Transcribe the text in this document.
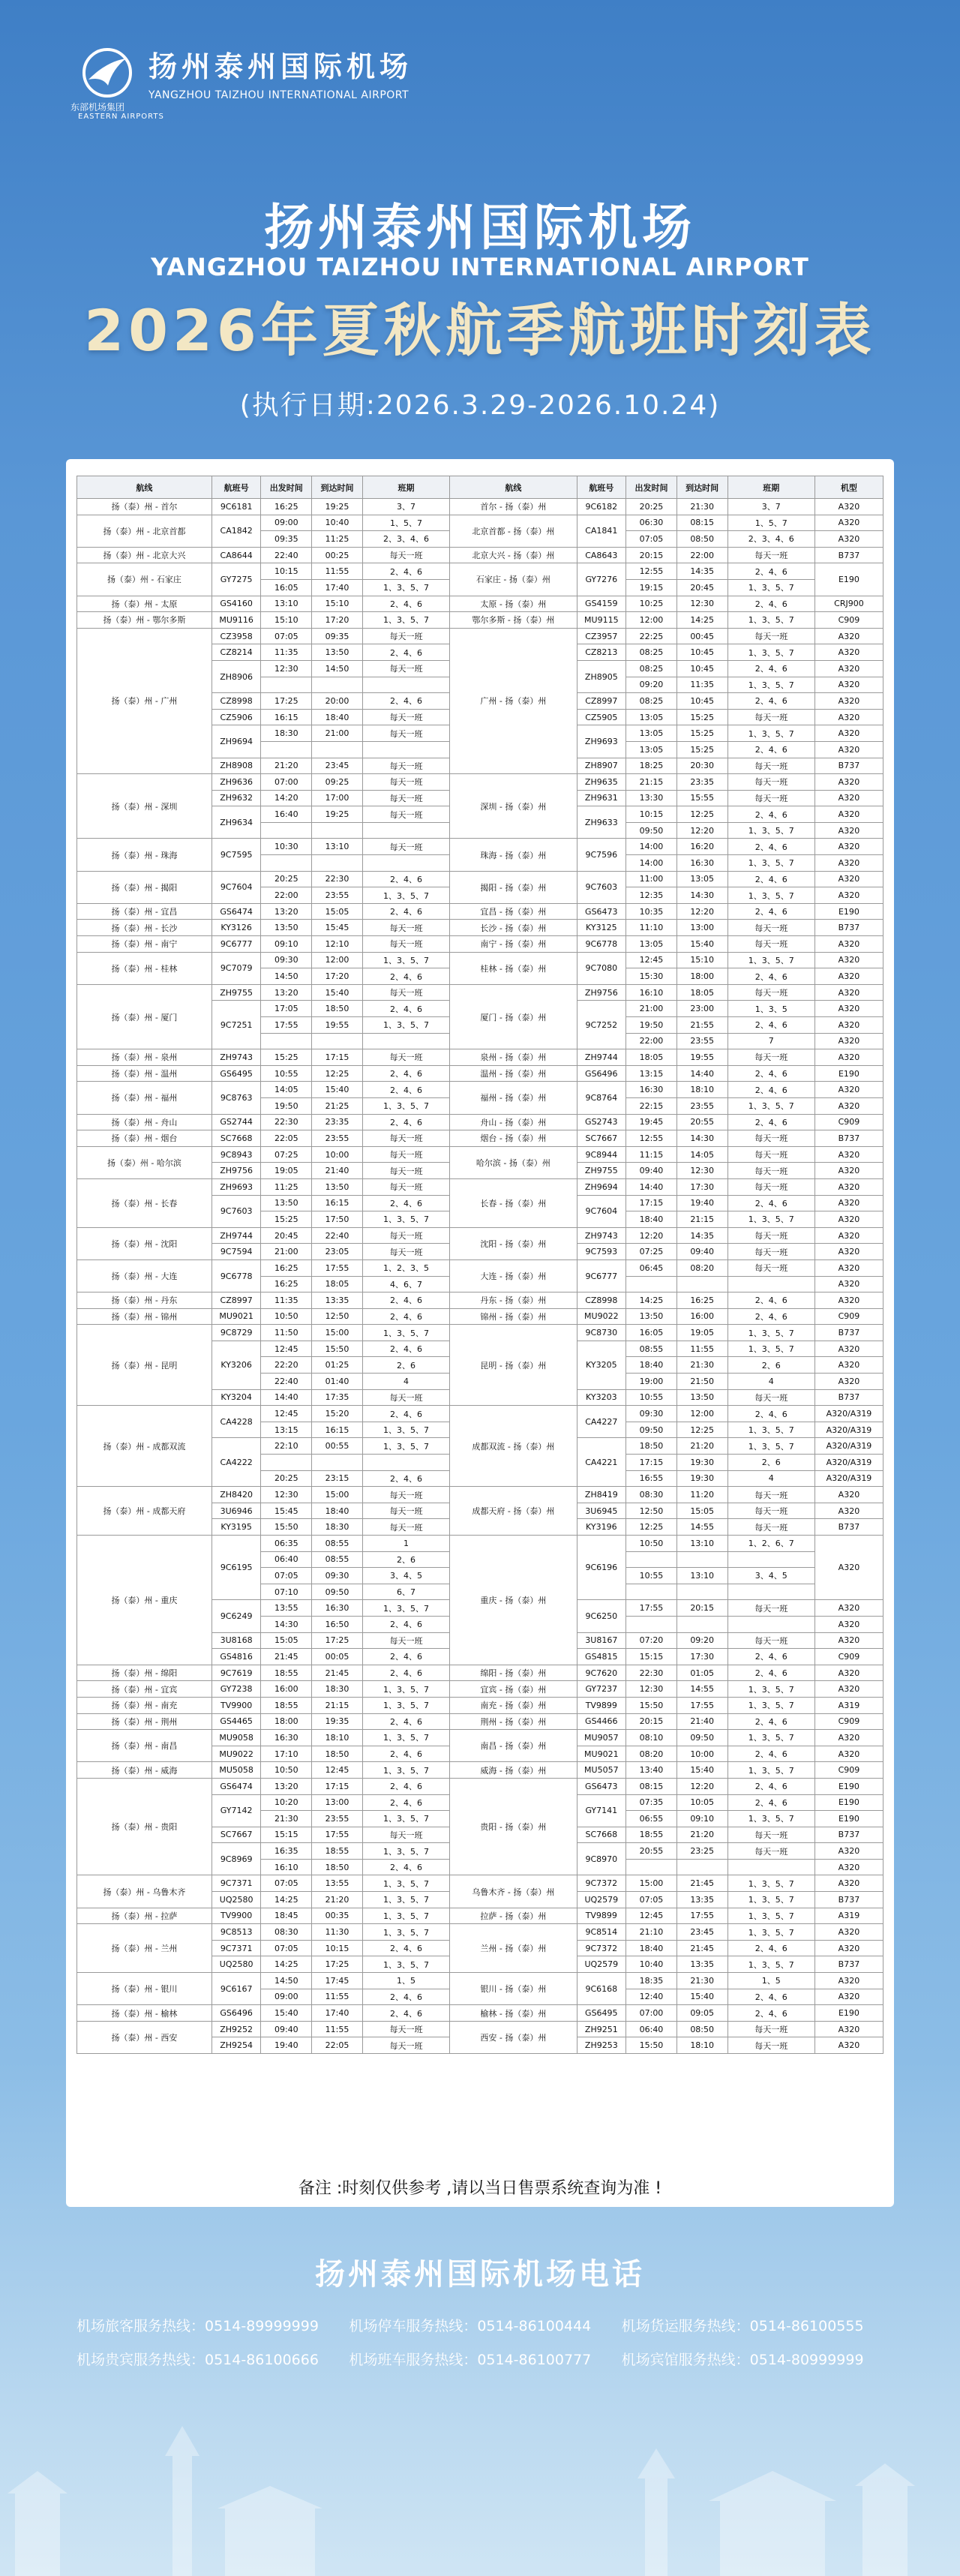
东部机场集团
EASTERN AIRPORTS
扬州泰州国际机场
YANGZHOU TAIZHOU INTERNATIONAL AIRPORT
扬州泰州国际机场
YANGZHOU TAIZHOU INTERNATIONAL AIRPORT
2026年夏秋航季航班时刻表
(执行日期:2026.3.29-2026.10.24)
航线	航班号	出发时间	到达时间	班期	航线	航班号	出发时间	到达时间	班期	机型
扬（泰）州 - 首尔	9C6181	16:25	19:25	3、7	首尔 - 扬（泰）州	9C6182	20:25	21:30	3、7	A320
扬（泰）州 - 北京首都	CA1842	09:00	10:40	1、5、7	北京首都 - 扬（泰）州	CA1841	06:30	08:15	1、5、7	A320
		09:35	11:25	2、3、4、6			07:05	08:50	2、3、4、6	A320
扬（泰）州 - 北京大兴	CA8644	22:40	00:25	每天一班	北京大兴 - 扬（泰）州	CA8643	20:15	22:00	每天一班	B737
扬（泰）州 - 石家庄	GY7275	10:15	11:55	2、4、6	石家庄 - 扬（泰）州	GY7276	12:55	14:35	2、4、6	E190
		16:05	17:40	1、3、5、7			19:15	20:45	1、3、5、7	
扬（泰）州 - 太原	GS4160	13:10	15:10	2、4、6	太原 - 扬（泰）州	GS4159	10:25	12:30	2、4、6	CRJ900
扬（泰）州 - 鄂尔多斯	MU9116	15:10	17:20	1、3、5、7	鄂尔多斯 - 扬（泰）州	MU9115	12:00	14:25	1、3、5、7	C909
扬（泰）州 - 广州	CZ3958	07:05	09:35	每天一班	广州 - 扬（泰）州	CZ3957	22:25	00:45	每天一班	A320
	CZ8214	11:35	13:50	2、4、6		CZ8213	08:25	10:45	1、3、5、7	A320
	ZH8906	12:30	14:50	每天一班		ZH8905	08:25	10:45	2、4、6	A320
							09:20	11:35	1、3、5、7	A320
	CZ8998	17:25	20:00	2、4、6		CZ8997	08:25	10:45	2、4、6	A320
	CZ5906	16:15	18:40	每天一班		CZ5905	13:05	15:25	每天一班	A320
	ZH9694	18:30	21:00	每天一班		ZH9693	13:05	15:25	1、3、5、7	A320
							13:05	15:25	2、4、6	A320
	ZH8908	21:20	23:45	每天一班		ZH8907	18:25	20:30	每天一班	B737
扬（泰）州 - 深圳	ZH9636	07:00	09:25	每天一班	深圳 - 扬（泰）州	ZH9635	21:15	23:35	每天一班	A320
	ZH9632	14:20	17:00	每天一班		ZH9631	13:30	15:55	每天一班	A320
	ZH9634	16:40	19:25	每天一班		ZH9633	10:15	12:25	2、4、6	A320
							09:50	12:20	1、3、5、7	A320
扬（泰）州 - 珠海	9C7595	10:30	13:10	每天一班	珠海 - 扬（泰）州	9C7596	14:00	16:20	2、4、6	A320
							14:00	16:30	1、3、5、7	A320
扬（泰）州 - 揭阳	9C7604	20:25	22:30	2、4、6	揭阳 - 扬（泰）州	9C7603	11:00	13:05	2、4、6	A320
		22:00	23:55	1、3、5、7			12:35	14:30	1、3、5、7	A320
扬（泰）州 - 宜昌	GS6474	13:20	15:05	2、4、6	宜昌 - 扬（泰）州	GS6473	10:35	12:20	2、4、6	E190
扬（泰）州 - 长沙	KY3126	13:50	15:45	每天一班	长沙 - 扬（泰）州	KY3125	11:10	13:00	每天一班	B737
扬（泰）州 - 南宁	9C6777	09:10	12:10	每天一班	南宁 - 扬（泰）州	9C6778	13:05	15:40	每天一班	A320
扬（泰）州 - 桂林	9C7079	09:30	12:00	1、3、5、7	桂林 - 扬（泰）州	9C7080	12:45	15:10	1、3、5、7	A320
		14:50	17:20	2、4、6			15:30	18:00	2、4、6	A320
扬（泰）州 - 厦门	ZH9755	13:20	15:40	每天一班	厦门 - 扬（泰）州	ZH9756	16:10	18:05	每天一班	A320
	9C7251	17:05	18:50	2、4、6		9C7252	21:00	23:00	1、3、5	A320
		17:55	19:55	1、3、5、7			19:50	21:55	2、4、6	A320
							22:00	23:55	7	A320
扬（泰）州 - 泉州	ZH9743	15:25	17:15	每天一班	泉州 - 扬（泰）州	ZH9744	18:05	19:55	每天一班	A320
扬（泰）州 - 温州	GS6495	10:55	12:25	2、4、6	温州 - 扬（泰）州	GS6496	13:15	14:40	2、4、6	E190
扬（泰）州 - 福州	9C8763	14:05	15:40	2、4、6	福州 - 扬（泰）州	9C8764	16:30	18:10	2、4、6	A320
		19:50	21:25	1、3、5、7			22:15	23:55	1、3、5、7	A320
扬（泰）州 - 舟山	GS2744	22:30	23:35	2、4、6	舟山 - 扬（泰）州	GS2743	19:45	20:55	2、4、6	C909
扬（泰）州 - 烟台	SC7668	22:05	23:55	每天一班	烟台 - 扬（泰）州	SC7667	12:55	14:30	每天一班	B737
扬（泰）州 - 哈尔滨	9C8943	07:25	10:00	每天一班	哈尔滨 - 扬（泰）州	9C8944	11:15	14:05	每天一班	A320
	ZH9756	19:05	21:40	每天一班		ZH9755	09:40	12:30	每天一班	A320
扬（泰）州 - 长春	ZH9693	11:25	13:50	每天一班	长春 - 扬（泰）州	ZH9694	14:40	17:30	每天一班	A320
	9C7603	13:50	16:15	2、4、6		9C7604	17:15	19:40	2、4、6	A320
		15:25	17:50	1、3、5、7			18:40	21:15	1、3、5、7	A320
扬（泰）州 - 沈阳	ZH9744	20:45	22:40	每天一班	沈阳 - 扬（泰）州	ZH9743	12:20	14:35	每天一班	A320
	9C7594	21:00	23:05	每天一班		9C7593	07:25	09:40	每天一班	A320
扬（泰）州 - 大连	9C6778	16:25	17:55	1、2、3、5	大连 - 扬（泰）州	9C6777	06:45	08:20	每天一班	A320
		16:25	18:05	4、6、7						A320
扬（泰）州 - 丹东	CZ8997	11:35	13:35	2、4、6	丹东 - 扬（泰）州	CZ8998	14:25	16:25	2、4、6	A320
扬（泰）州 - 锦州	MU9021	10:50	12:50	2、4、6	锦州 - 扬（泰）州	MU9022	13:50	16:00	2、4、6	C909
扬（泰）州 - 昆明	9C8729	11:50	15:00	1、3、5、7	昆明 - 扬（泰）州	9C8730	16:05	19:05	1、3、5、7	B737
	KY3206	12:45	15:50	2、4、6		KY3205	08:55	11:55	1、3、5、7	A320
		22:20	01:25	2、6			18:40	21:30	2、6	A320
		22:40	01:40	4			19:00	21:50	4	A320
	KY3204	14:40	17:35	每天一班		KY3203	10:55	13:50	每天一班	B737
扬（泰）州 - 成都双流	CA4228	12:45	15:20	2、4、6	成都双流 - 扬（泰）州	CA4227	09:30	12:00	2、4、6	A320/A319
		13:15	16:15	1、3、5、7			09:50	12:25	1、3、5、7	A320/A319
	CA4222	22:10	00:55	1、3、5、7		CA4221	18:50	21:20	1、3、5、7	A320/A319
							17:15	19:30	2、6	A320/A319
		20:25	23:15	2、4、6			16:55	19:30	4	A320/A319
扬（泰）州 - 成都天府	ZH8420	12:30	15:00	每天一班	成都天府 - 扬（泰）州	ZH8419	08:30	11:20	每天一班	A320
	3U6946	15:45	18:40	每天一班		3U6945	12:50	15:05	每天一班	A320
	KY3195	15:50	18:30	每天一班		KY3196	12:25	14:55	每天一班	B737
扬（泰）州 - 重庆	9C6195	06:35	08:55	1	重庆 - 扬（泰）州	9C6196	10:50	13:10	1、2、6、7	A320
		06:40	08:55	2、6						
		07:05	09:30	3、4、5			10:55	13:10	3、4、5	
		07:10	09:50	6、7						
	9C6249	13:55	16:30	1、3、5、7		9C6250	17:55	20:15	每天一班	A320
		14:30	16:50	2、4、6						A320
	3U8168	15:05	17:25	每天一班		3U8167	07:20	09:20	每天一班	A320
	GS4816	21:45	00:05	2、4、6		GS4815	15:15	17:30	2、4、6	C909
扬（泰）州 - 绵阳	9C7619	18:55	21:45	2、4、6	绵阳 - 扬（泰）州	9C7620	22:30	01:05	2、4、6	A320
扬（泰）州 - 宜宾	GY7238	16:00	18:30	1、3、5、7	宜宾 - 扬（泰）州	GY7237	12:30	14:55	1、3、5、7	A320
扬（泰）州 - 南充	TV9900	18:55	21:15	1、3、5、7	南充 - 扬（泰）州	TV9899	15:50	17:55	1、3、5、7	A319
扬（泰）州 - 荆州	GS4465	18:00	19:35	2、4、6	荆州 - 扬（泰）州	GS4466	20:15	21:40	2、4、6	C909
扬（泰）州 - 南昌	MU9058	16:30	18:10	1、3、5、7	南昌 - 扬（泰）州	MU9057	08:10	09:50	1、3、5、7	A320
	MU9022	17:10	18:50	2、4、6		MU9021	08:20	10:00	2、4、6	A320
扬（泰）州 - 威海	MU5058	10:50	12:45	1、3、5、7	威海 - 扬（泰）州	MU5057	13:40	15:40	1、3、5、7	C909
扬（泰）州 - 贵阳	GS6474	13:20	17:15	2、4、6	贵阳 - 扬（泰）州	GS6473	08:15	12:20	2、4、6	E190
	GY7142	10:20	13:00	2、4、6		GY7141	07:35	10:05	2、4、6	E190
		21:30	23:55	1、3、5、7			06:55	09:10	1、3、5、7	E190
	SC7667	15:15	17:55	每天一班		SC7668	18:55	21:20	每天一班	B737
	9C8969	16:35	18:55	1、3、5、7		9C8970	20:55	23:25	每天一班	A320
		16:10	18:50	2、4、6						A320
扬（泰）州 - 乌鲁木齐	9C7371	07:05	13:55	1、3、5、7	乌鲁木齐 - 扬（泰）州	9C7372	15:00	21:45	1、3、5、7	A320
	UQ2580	14:25	21:20	1、3、5、7		UQ2579	07:05	13:35	1、3、5、7	B737
扬（泰）州 - 拉萨	TV9900	18:45	00:35	1、3、5、7	拉萨 - 扬（泰）州	TV9899	12:45	17:55	1、3、5、7	A319
扬（泰）州 - 兰州	9C8513	08:30	11:30	1、3、5、7	兰州 - 扬（泰）州	9C8514	21:10	23:45	1、3、5、7	A320
	9C7371	07:05	10:15	2、4、6		9C7372	18:40	21:45	2、4、6	A320
	UQ2580	14:25	17:25	1、3、5、7		UQ2579	10:40	13:35	1、3、5、7	B737
扬（泰）州 - 银川	9C6167	14:50	17:45	1、5	银川 - 扬（泰）州	9C6168	18:35	21:30	1、5	A320
		09:00	11:55	2、4、6			12:40	15:40	2、4、6	A320
扬（泰）州 - 榆林	GS6496	15:40	17:40	2、4、6	榆林 - 扬（泰）州	GS6495	07:00	09:05	2、4、6	E190
扬（泰）州 - 西安	ZH9252	09:40	11:55	每天一班	西安 - 扬（泰）州	ZH9251	06:40	08:50	每天一班	A320
	ZH9254	19:40	22:05	每天一班		ZH9253	15:50	18:10	每天一班	A320
备注 :时刻仅供参考 ,请以当日售票系统查询为准 !
扬州泰州国际机场电话
机场旅客服务热线：0514-89999999	机场停车服务热线：0514-86100444	机场货运服务热线：0514-86100555
机场贵宾服务热线：0514-86100666	机场班车服务热线：0514-86100777	机场宾馆服务热线：0514-80999999
